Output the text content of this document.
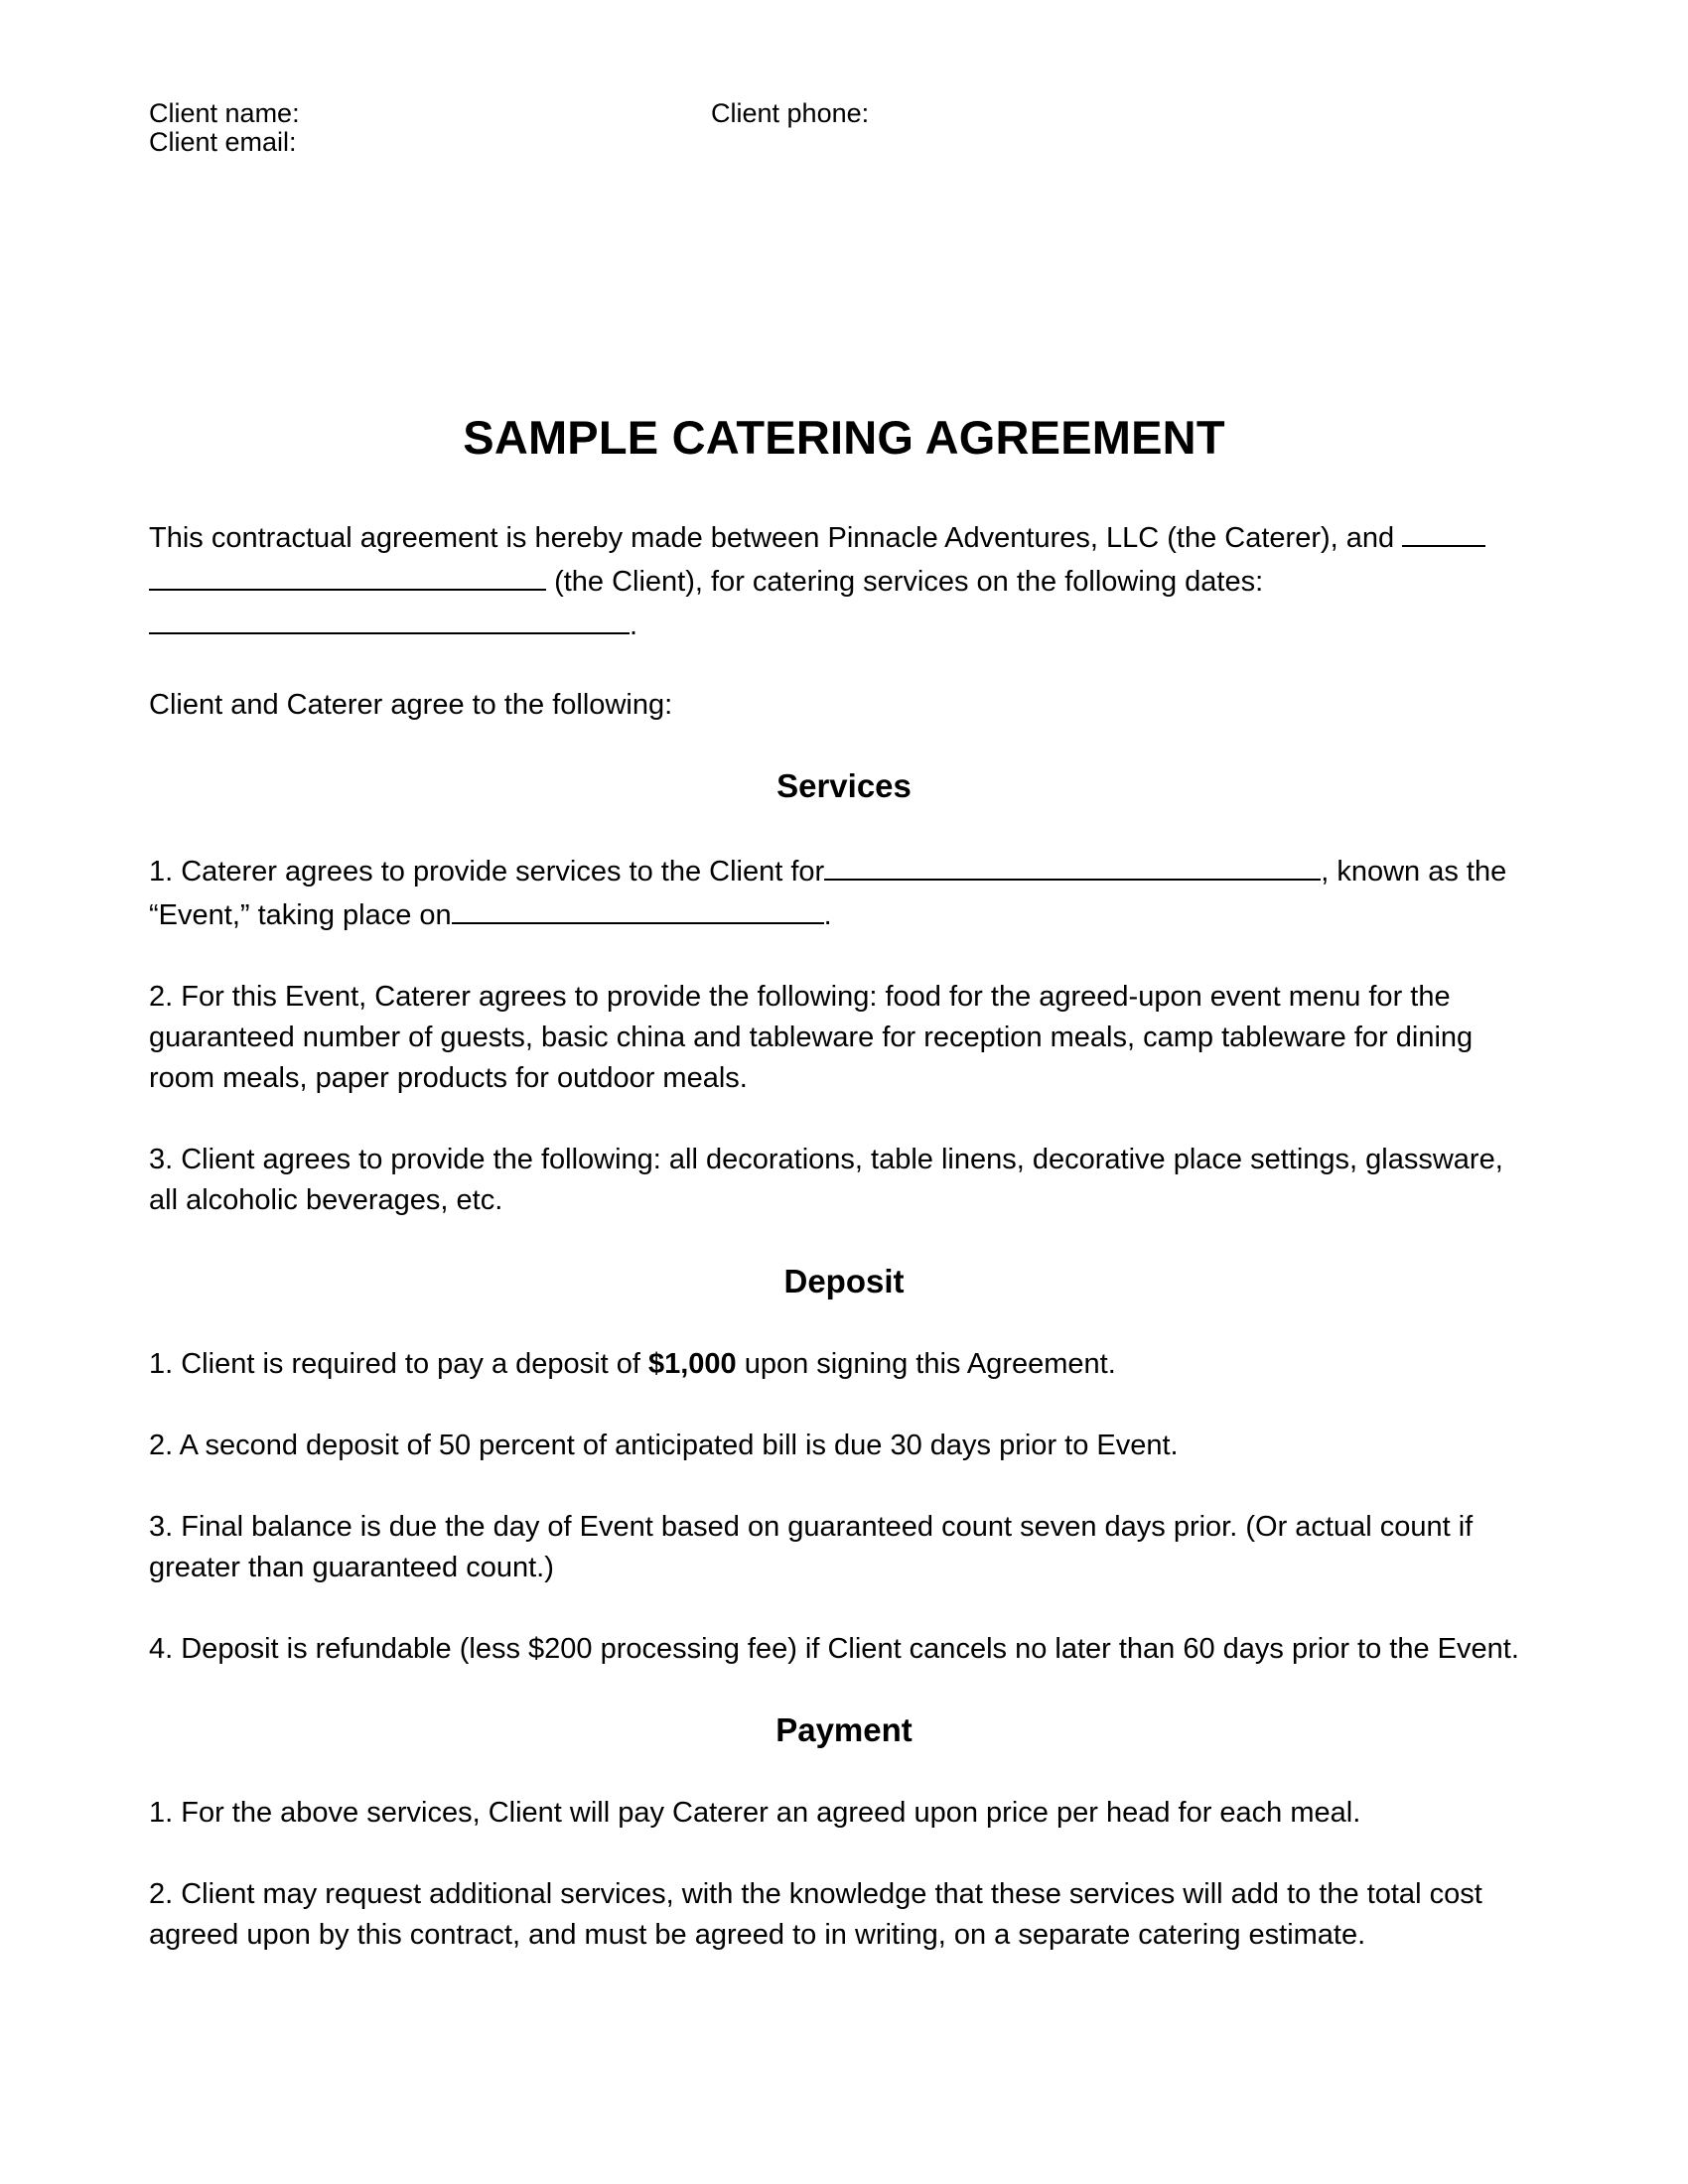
Client name:
Client email:
Client phone:
SAMPLE CATERING AGREEMENT

This contractual agreement is hereby made between Pinnacle Adventures, LLC (the Caterer), and   (the Client), for catering services on the following dates: .

Client and Caterer agree to the following:

Services

1. Caterer agrees to provide services to the Client for	, known as the “Event,” taking place on	.

2. For this Event, Caterer agrees to provide the following: food for the agreed-upon event menu for the guaranteed number of guests, basic china and tableware for reception meals, camp tableware for dining room meals, paper products for outdoor meals.

3. Client agrees to provide the following: all decorations, table linens, decorative place settings, glassware, all alcoholic beverages, etc.

Deposit

1. Client is required to pay a deposit of $1,000 upon signing this Agreement.

2. A second deposit of 50 percent of anticipated bill is due 30 days prior to Event.

3. Final balance is due the day of Event based on guaranteed count seven days prior. (Or actual count if greater than guaranteed count.)

4. Deposit is refundable (less $200 processing fee) if Client cancels no later than 60 days prior to the Event.

Payment

1. For the above services, Client will pay Caterer an agreed upon price per head for each meal.

2. Client may request additional services, with the knowledge that these services will add to the total cost agreed upon by this contract, and must be agreed to in writing, on a separate catering estimate.
